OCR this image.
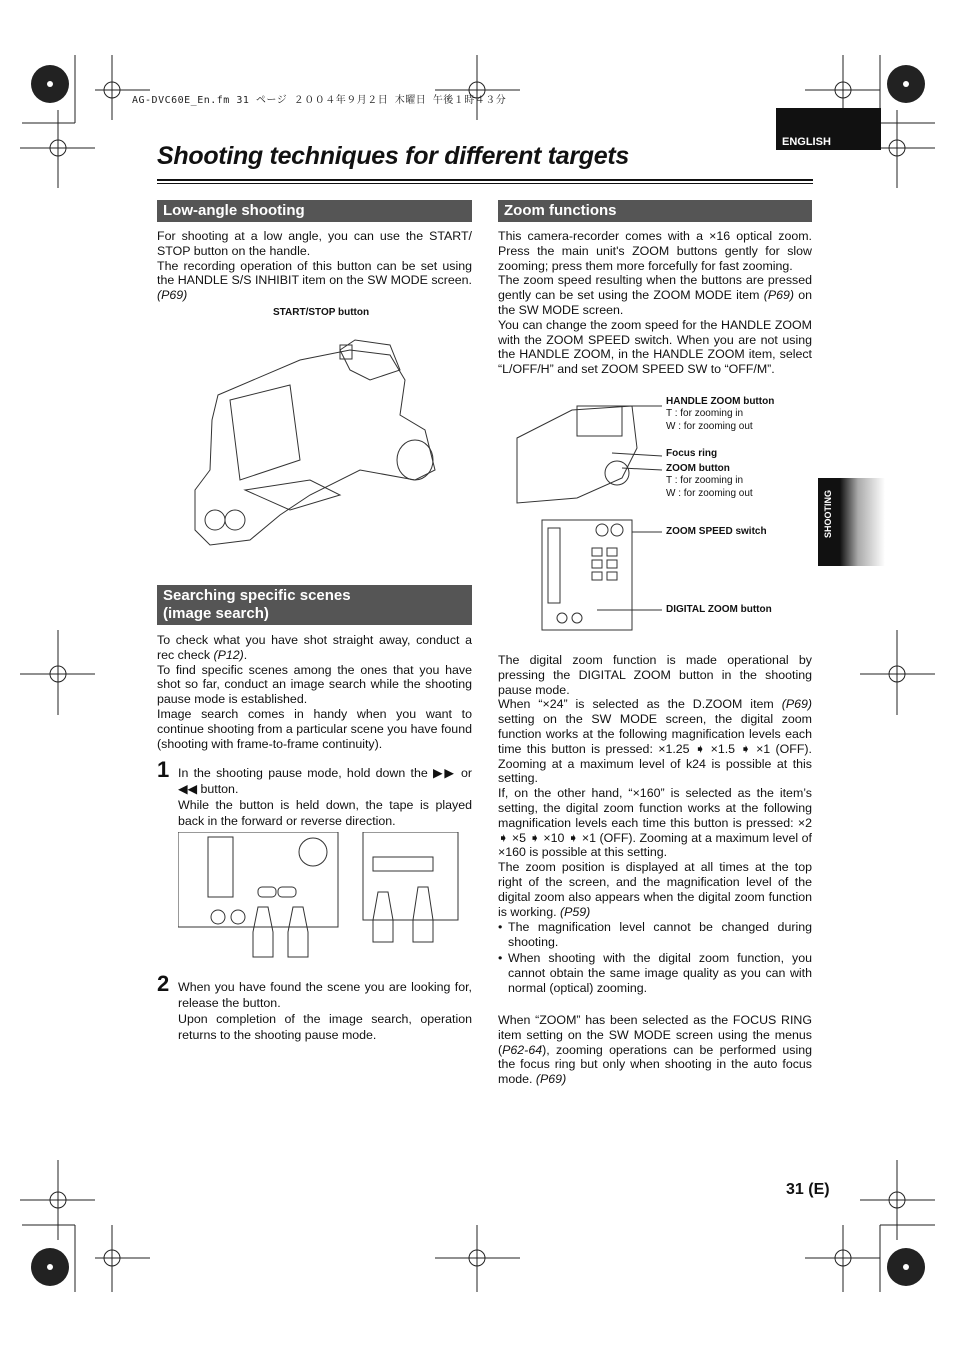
AG-DVC60E_En.fm 31 ページ ２００４年９月２日 木曜日 午後１時４３分
ENGLISH
Shooting techniques for different targets
Low-angle shooting

For shooting at a low angle, you can use the START/ STOP button on the handle.

The recording operation of this button can be set using the HANDLE S/S INHIBIT item on the SW MODE screen. (P69)

START/STOP button
Searching specific scenes
(image search)

To check what you have shot straight away, conduct a rec check (P12).

To find specific scenes among the ones that you have shot so far, conduct an image search while the shooting pause mode is established.

Image search comes in handy when you want to continue shooting from a particular scene you have found (shooting with frame-to-frame continuity).

1 In the shooting pause mode, hold down the ▶▶ or ◀◀ button.
While the button is held down, the tape is played back in the forward or reverse direction.
2 When you have found the scene you are looking for, release the button.
Upon completion of the image search, operation returns to the shooting pause mode.
Zoom functions

This camera-recorder comes with a ×16 optical zoom. Press the main unit's ZOOM buttons gently for slow zooming; press them more forcefully for fast zooming.

The zoom speed resulting when the buttons are pressed gently can be set using the ZOOM MODE item (P69) on the SW MODE screen.

You can change the zoom speed for the HANDLE ZOOM with the ZOOM SPEED switch. When you are not using the HANDLE ZOOM, in the HANDLE ZOOM item, select “L/OFF/H” and set ZOOM SPEED SW to “OFF/M”.

HANDLE ZOOM button
T : for zooming in
W : for zooming out
Focus ring
ZOOM button
T : for zooming in
W : for zooming out
ZOOM SPEED switch
DIGITAL ZOOM button

The digital zoom function is made operational by pressing the DIGITAL ZOOM button in the shooting pause mode.

When “×24” is selected as the D.ZOOM item (P69) setting on the SW MODE screen, the digital zoom function works at the following magnification levels each time this button is pressed: ×1.25 ➧ ×1.5 ➧ ×1 (OFF). Zooming at a maximum level of k24 is possible at this setting.

If, on the other hand, “×160” is selected as the item’s setting, the digital zoom function works at the following magnification levels each time this button is pressed: ×2 ➧ ×5 ➧ ×10 ➧ ×1 (OFF). Zooming at a maximum level of ×160 is possible at this setting.

The zoom position is displayed at all times at the top right of the screen, and the magnification level of the digital zoom also appears when the digital zoom function is working. (P59)

• The magnification level cannot be changed during shooting.

• When shooting with the digital zoom function, you cannot obtain the same image quality as you can with normal (optical) zooming.

When “ZOOM” has been selected as the FOCUS RING item setting on the SW MODE screen using the menus (P62-64), zooming operations can be performed using the focus ring but only when shooting in the auto focus mode. (P69)

SHOOTING
31 (E)
